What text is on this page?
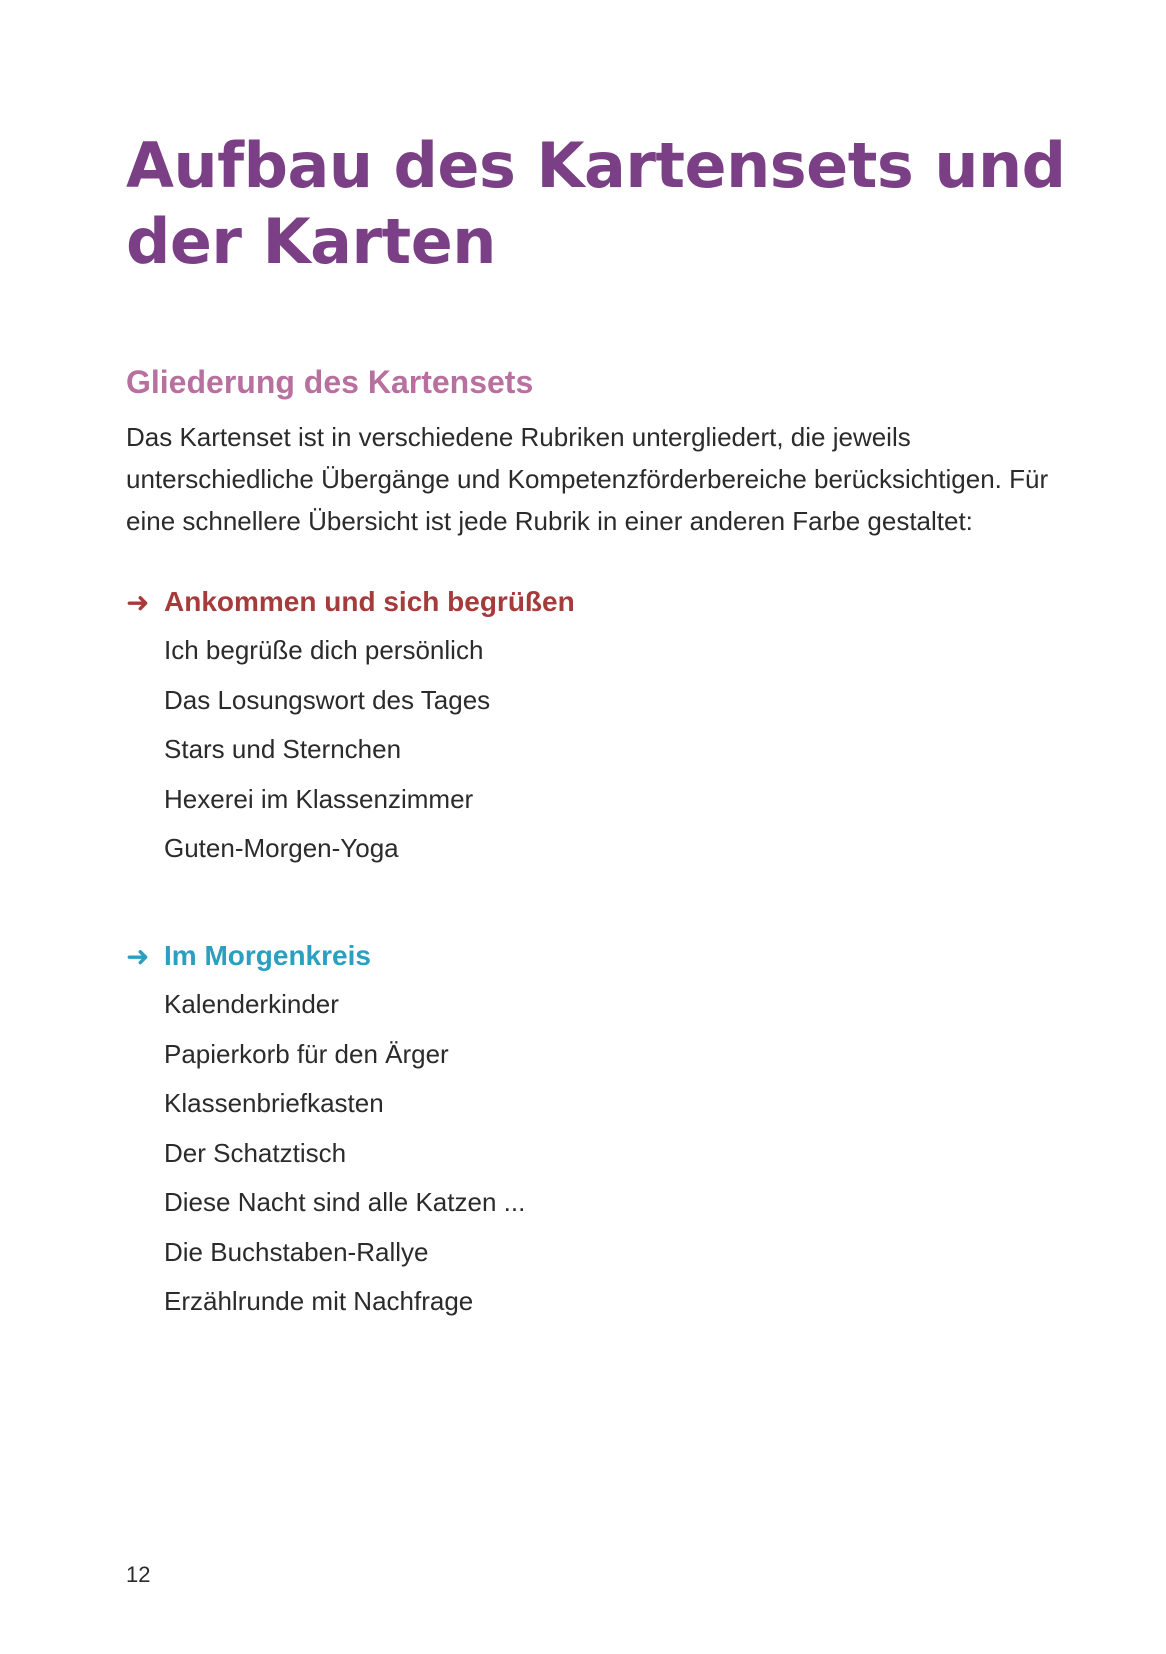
Aufbau des Kartensets und der Karten
Gliederung des Kartensets

Das Kartenset ist in verschiedene Rubriken untergliedert, die jeweils unterschiedliche Übergänge und Kompetenzförderbereiche berücksichtigen. Für eine schnellere Übersicht ist jede Rubrik in einer anderen Farbe gestaltet:

➜ Ankommen und sich begrüßen
Ich begrüße dich persönlich
Das Losungswort des Tages
Stars und Sternchen
Hexerei im Klassenzimmer
Guten-Morgen-Yoga
➜ Im Morgenkreis
Kalenderkinder
Papierkorb für den Ärger
Klassenbriefkasten
Der Schatztisch
Diese Nacht sind alle Katzen ...
Die Buchstaben-Rallye
Erzählrunde mit Nachfrage
12
